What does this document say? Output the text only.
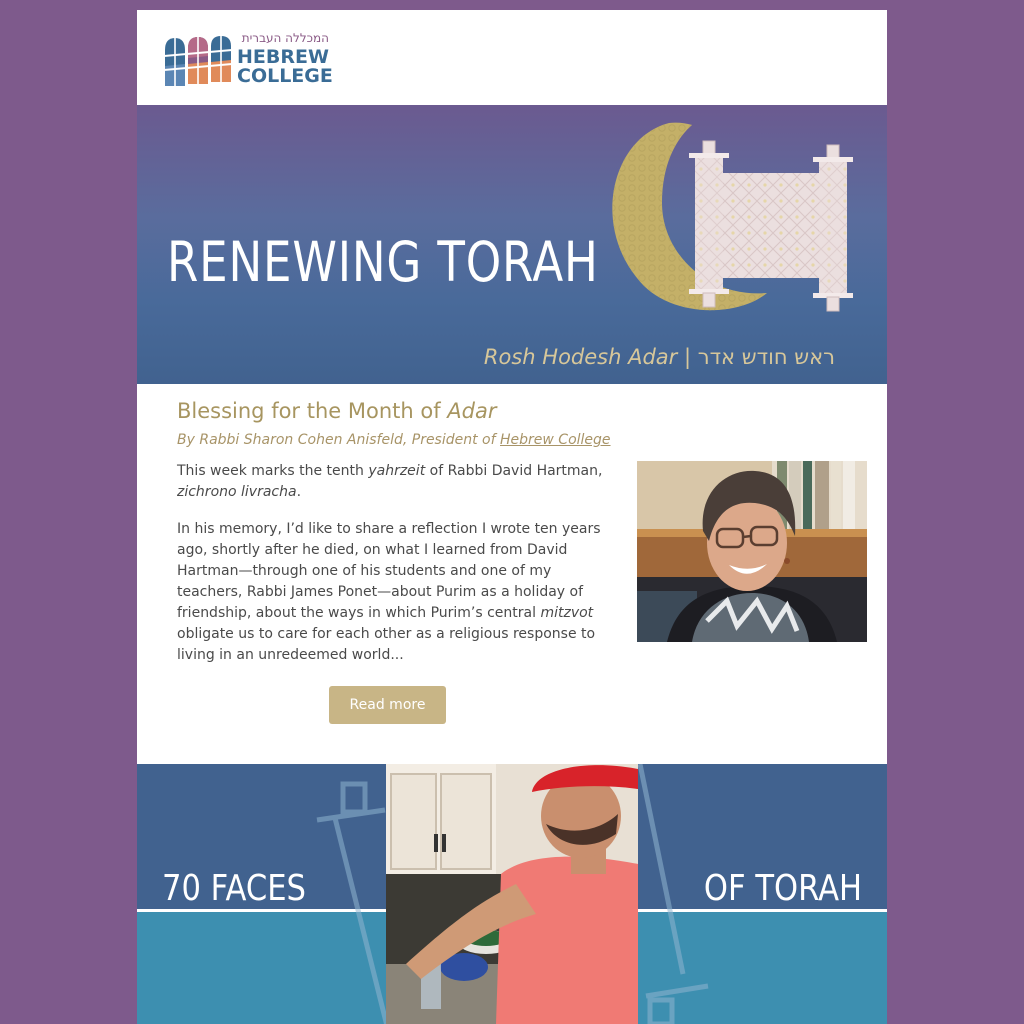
המכללה העברית
HEBREW
COLLEGE
RENEWING TORAH
Rosh Hodesh Adar | ראש חודש אדר
Blessing for the Month of Adar
By Rabbi Sharon Cohen Anisfeld, President of Hebrew College
This week marks the tenth yahrzeit of Rabbi David Hartman, zichrono livracha.
In his memory, I’d like to share a reflection I wrote ten years ago, shortly after he died, on what I learned from David Hartman—through one of his students and one of my teachers, Rabbi James Ponet—about Purim as a holiday of friendship, about the ways in which Purim’s central mitzvot obligate us to care for each other as a religious response to living in an unredeemed world...
Read more
70 FACES	OF TORAH
